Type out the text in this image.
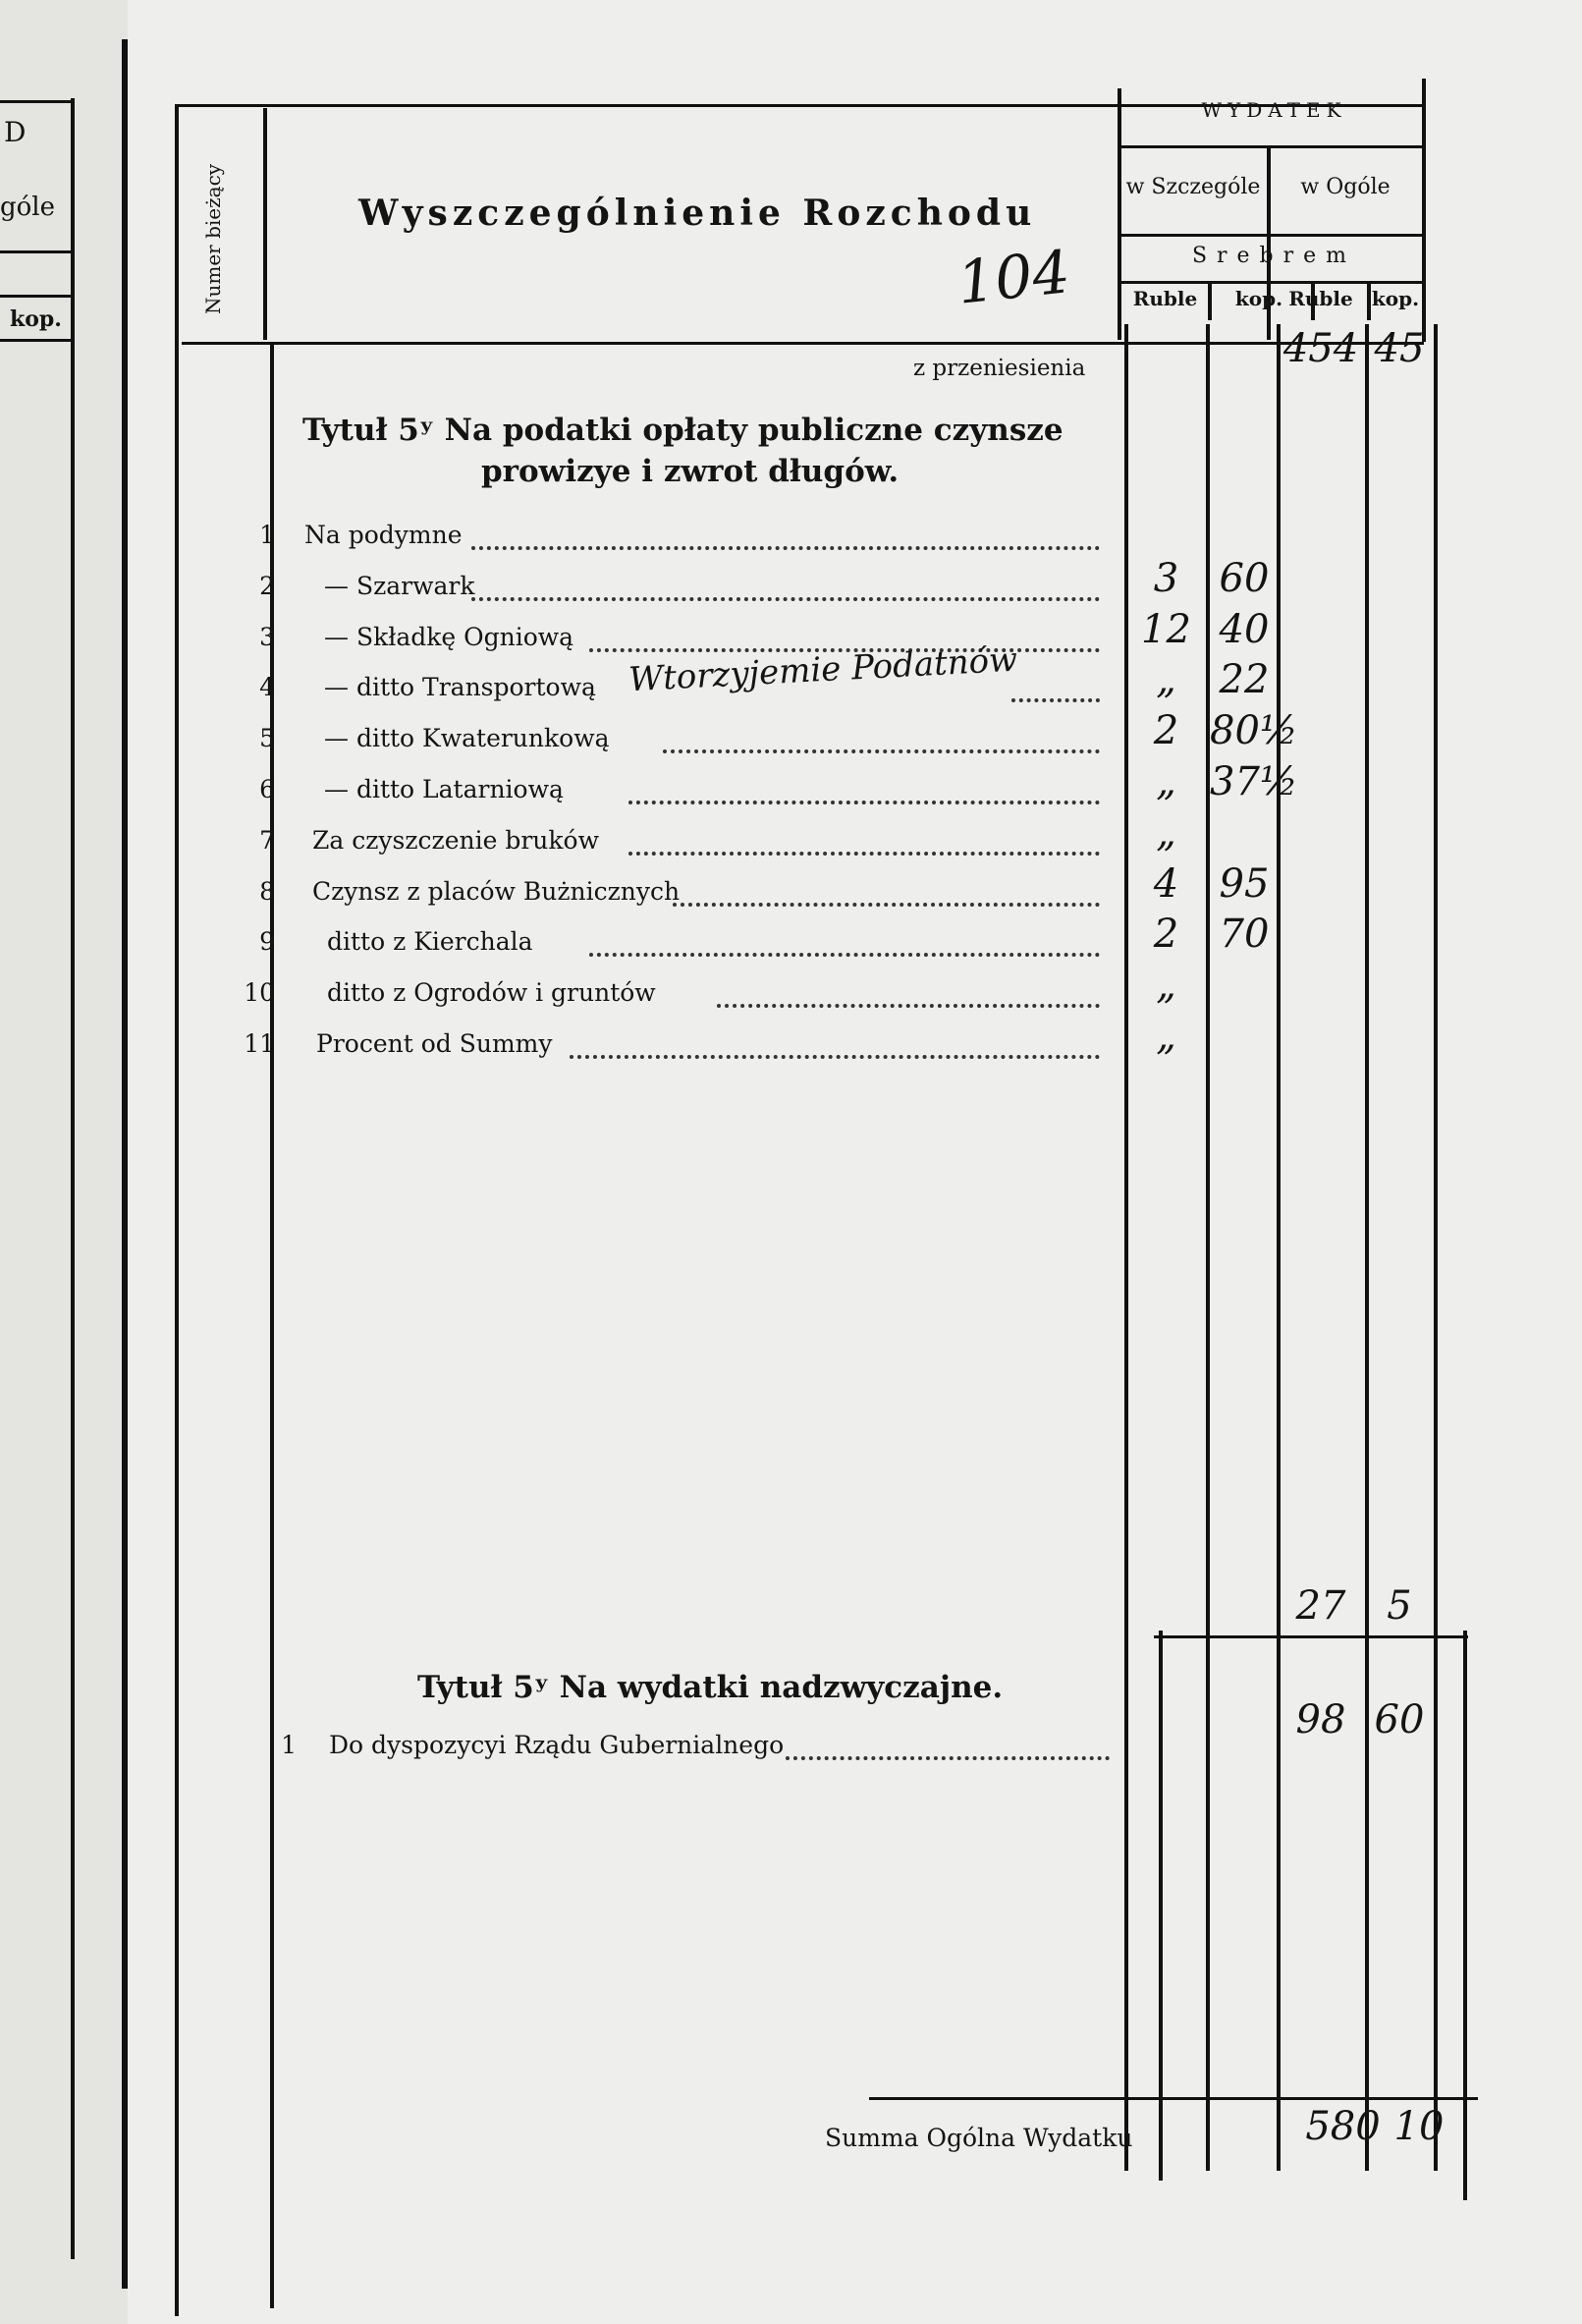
D
góle
kop.
Numer bieżący	Wyszczególnienie Rozchodu
104
WYDATEK
w Szczególe	w Ogóle
Srebrem
Ruble	kop. Ruble kop.
z przeniesienia	454 45
Tytuł 5ʸ Na podatki opłaty publiczne czynsze
prowizye i zwrot długów.
1 Na podymne
2 — Szarwark	3	60
3 — Składkę Ogniową	12 40
4 — ditto Transportową	„	22
5 — ditto Kwaterunkową	2 80½
6 — ditto Latarniową	„ 37½
7 Za czyszczenie bruków	„
8 Czynsz z placów Bużnicznych	4	95
9 ditto z Kierchala	2	70
10 ditto z Ogrodów i gruntów	„
11 Procent od Summy	„
Wtorzyjemie Podatnów
27	5
Tytuł 5ʸ Na wydatki nadzwyczajne.
1 Do dyspozycyi Rządu Gubernialnego
98 60
Summa Ogólna Wydatku	580 10
